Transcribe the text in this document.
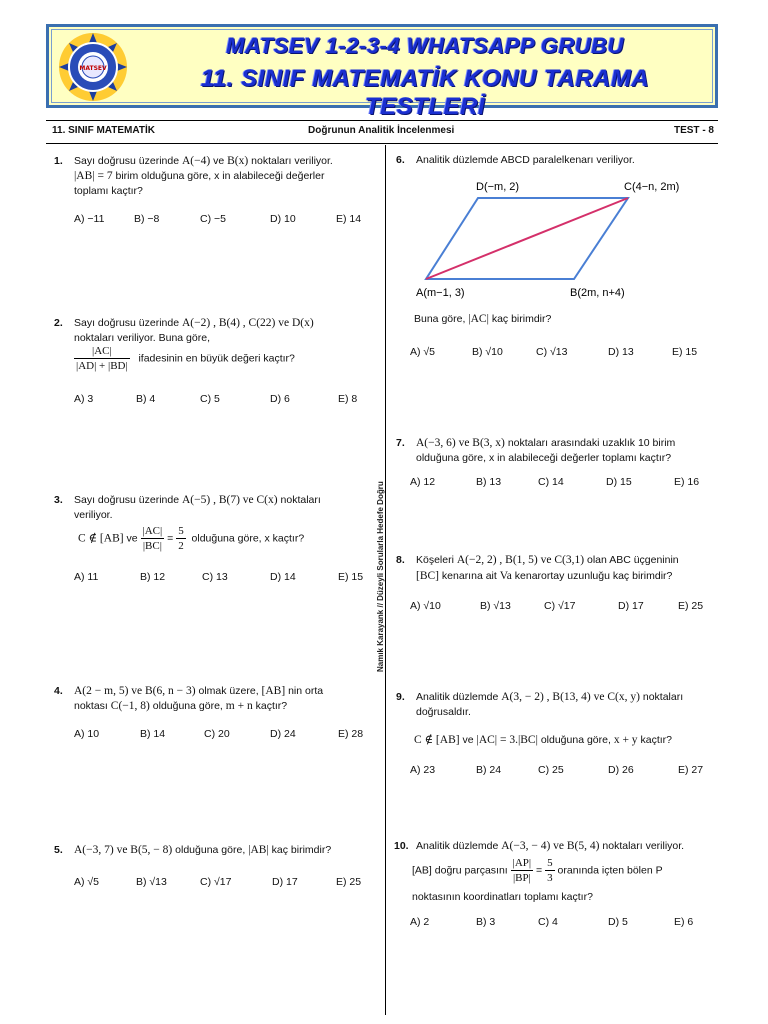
MATSEV
MATSEV 1-2-3-4 WHATSAPP GRUBU
11. SINIF MATEMATİK KONU TARAMA TESTLERİ
11. SINIF MATEMATİK	Doğrunun Analitik İncelenmesi	TEST - 8
Namık Karayank // Düzeyli Sorularla Hedefe Doğru
1. Sayı doğrusu üzerinde A(−4) ve B(x) noktaları veriliyor.
|AB| = 7 birim olduğuna göre, x in alabileceği değerler
toplamı kaçtır?
A) −11	B) −8	C) −5	D) 10	E) 14
2. Sayı doğrusu üzerinde A(−2) , B(4) , C(22) ve D(x)
noktaları veriliyor. Buna göre,
$\frac{|AC|}{|AD| + |BD|}$ ifadesinin en büyük değeri kaçtır?
A) 3	B) 4	C) 5	D) 6	E) 8
3. Sayı doğrusu üzerinde A(−5) , B(7) ve C(x) noktaları
veriliyor.
C ∉ [AB] ve $\frac{|AC|}{|BC|} = \frac{5}{2}$ olduğuna göre, x kaçtır?
A) 11	B) 12	C) 13	D) 14	E) 15
4. A(2 − m, 5) ve B(6, n − 3) olmak üzere, [AB] nin orta
noktası C(−1, 8) olduğuna göre, m + n kaçtır?
A) 10	B) 14	C) 20	D) 24	E) 28
5. A(−3, 7) ve B(5, − 8) olduğuna göre, |AB| kaç birimdir?
A) √5	B) √13	C) √17	D) 17	E) 25
6. Analitik düzlemde ABCD paralelkenarı veriliyor.
D(−m, 2)	C(4−n, 2m)
A(m−1, 3)	B(2m, n+4)
Buna göre, |AC| kaç birimdir?
A) √5	B) √10	C) √13	D) 13	E) 15
7. A(−3, 6) ve B(3, x) noktaları arasındaki uzaklık 10 birim
olduğuna göre, x in alabileceği değerler toplamı kaçtır?
A) 12	B) 13	C) 14	D) 15	E) 16
8. Köşeleri A(−2, 2) , B(1, 5) ve C(3,1) olan ABC üçgeninin
[BC] kenarına ait Va kenarortay uzunluğu kaç birimdir?
A) √10	B) √13	C) √17	D) 17	E) 25
9. Analitik düzlemde A(3, − 2) , B(13, 4) ve C(x, y) noktaları
doğrusaldır.
C ∉ [AB] ve |AC| = 3.|BC| olduğuna göre, x + y kaçtır?
A) 23	B) 24	C) 25	D) 26	E) 27
10. Analitik düzlemde A(−3, − 4) ve B(5, 4) noktaları veriliyor.
[AB] doğru parçasını $\frac{|AP|}{|BP|} = \frac{5}{3}$ oranında içten bölen P
noktasının koordinatları toplamı kaçtır?
A) 2	B) 3	C) 4	D) 5	E) 6
